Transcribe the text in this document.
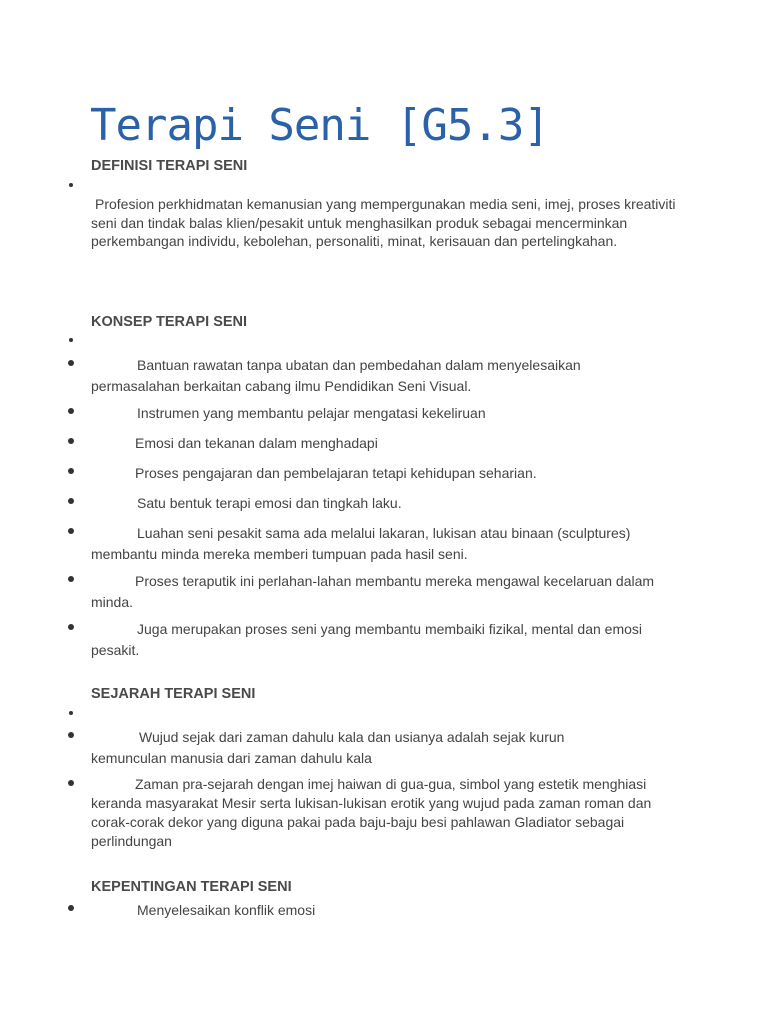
Terapi Seni [G5.3]
DEFINISI TERAPI SENI

Profesion perkhidmatan kemanusian yang mempergunakan media seni, imej, proses kreativiti seni dan tindak balas klien/pesakit untuk menghasilkan produk sebagai mencerminkan perkembangan individu, kebolehan, personaliti, minat, kerisauan dan pertelingkahan.

KONSEP TERAPI SENI

Bantuan rawatan tanpa ubatan dan pembedahan dalam menyelesaikan permasalahan berkaitan cabang ilmu Pendidikan Seni Visual.

Instrumen yang membantu pelajar mengatasi kekeliruan

Emosi dan tekanan dalam menghadapi

Proses pengajaran dan pembelajaran tetapi kehidupan seharian.

Satu bentuk terapi emosi dan tingkah laku.

Luahan seni pesakit sama ada melalui lakaran, lukisan atau binaan (sculptures) membantu minda mereka memberi tumpuan pada hasil seni.

Proses teraputik ini perlahan-lahan membantu mereka mengawal kecelaruan dalam minda.

Juga merupakan proses seni yang membantu membaiki fizikal, mental dan emosi pesakit.

SEJARAH TERAPI SENI

Wujud sejak dari zaman dahulu kala dan usianya adalah sejak kurun kemunculan manusia dari zaman dahulu kala

Zaman pra-sejarah dengan imej haiwan di gua-gua, simbol yang estetik menghiasi keranda masyarakat Mesir serta lukisan-lukisan erotik yang wujud pada zaman roman dan corak-corak dekor yang diguna pakai pada baju-baju besi pahlawan Gladiator sebagai perlindungan

KEPENTINGAN TERAPI SENI

Menyelesaikan konflik emosi
